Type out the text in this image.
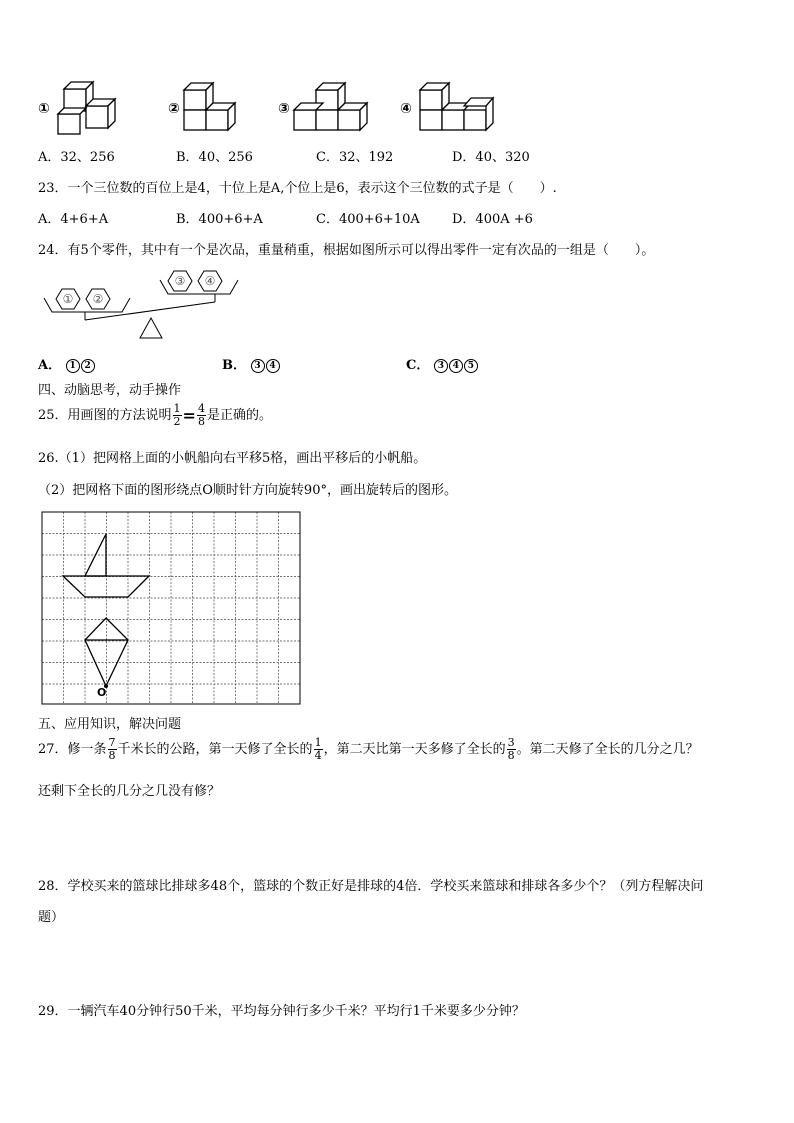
①	②	③	④
A．32、256	B．40、256	C．32、192	D．40、320
23．一个三位数的百位上是4，十位上是A,个位上是6，表示这个三位数的式子是（　　）.
A．4+6+A	B．400+6+A	C．400+6+10A D．400A +6
24．有5个零件，其中有一个是次品，重量稍重，根据如图所示可以得出零件一定有次品的一组是（　　）。
① ②
③ ④
A． 1 2	B． 3 4	C． 3 4 5
四、动脑思考，动手操作
25．用画图的方法说明 $\frac{1}{2} = \frac{4}{8}$ 是正确的。
26.（1）把网格上面的小帆船向右平移5格，画出平移后的小帆船。
（2）把网格下面的图形绕点O顺时针方向旋转90°，画出旋转后的图形。
O
五、应用知识，解决问题
27．修一条 $\frac{7}{8}$ 千米长的公路，第一天修了全长的 $\frac{1}{4}$ ，第二天比第一天多修了全长的 $\frac{3}{8}$ 。第二天修了全长的几分之几？
还剩下全长的几分之几没有修？
28．学校买来的篮球比排球多48个，篮球的个数正好是排球的4倍．学校买来篮球和排球各多少个？（列方程解决问
题）
29．一辆汽车40分钟行50千米，平均每分钟行多少千米？平均行1千米要多少分钟？
